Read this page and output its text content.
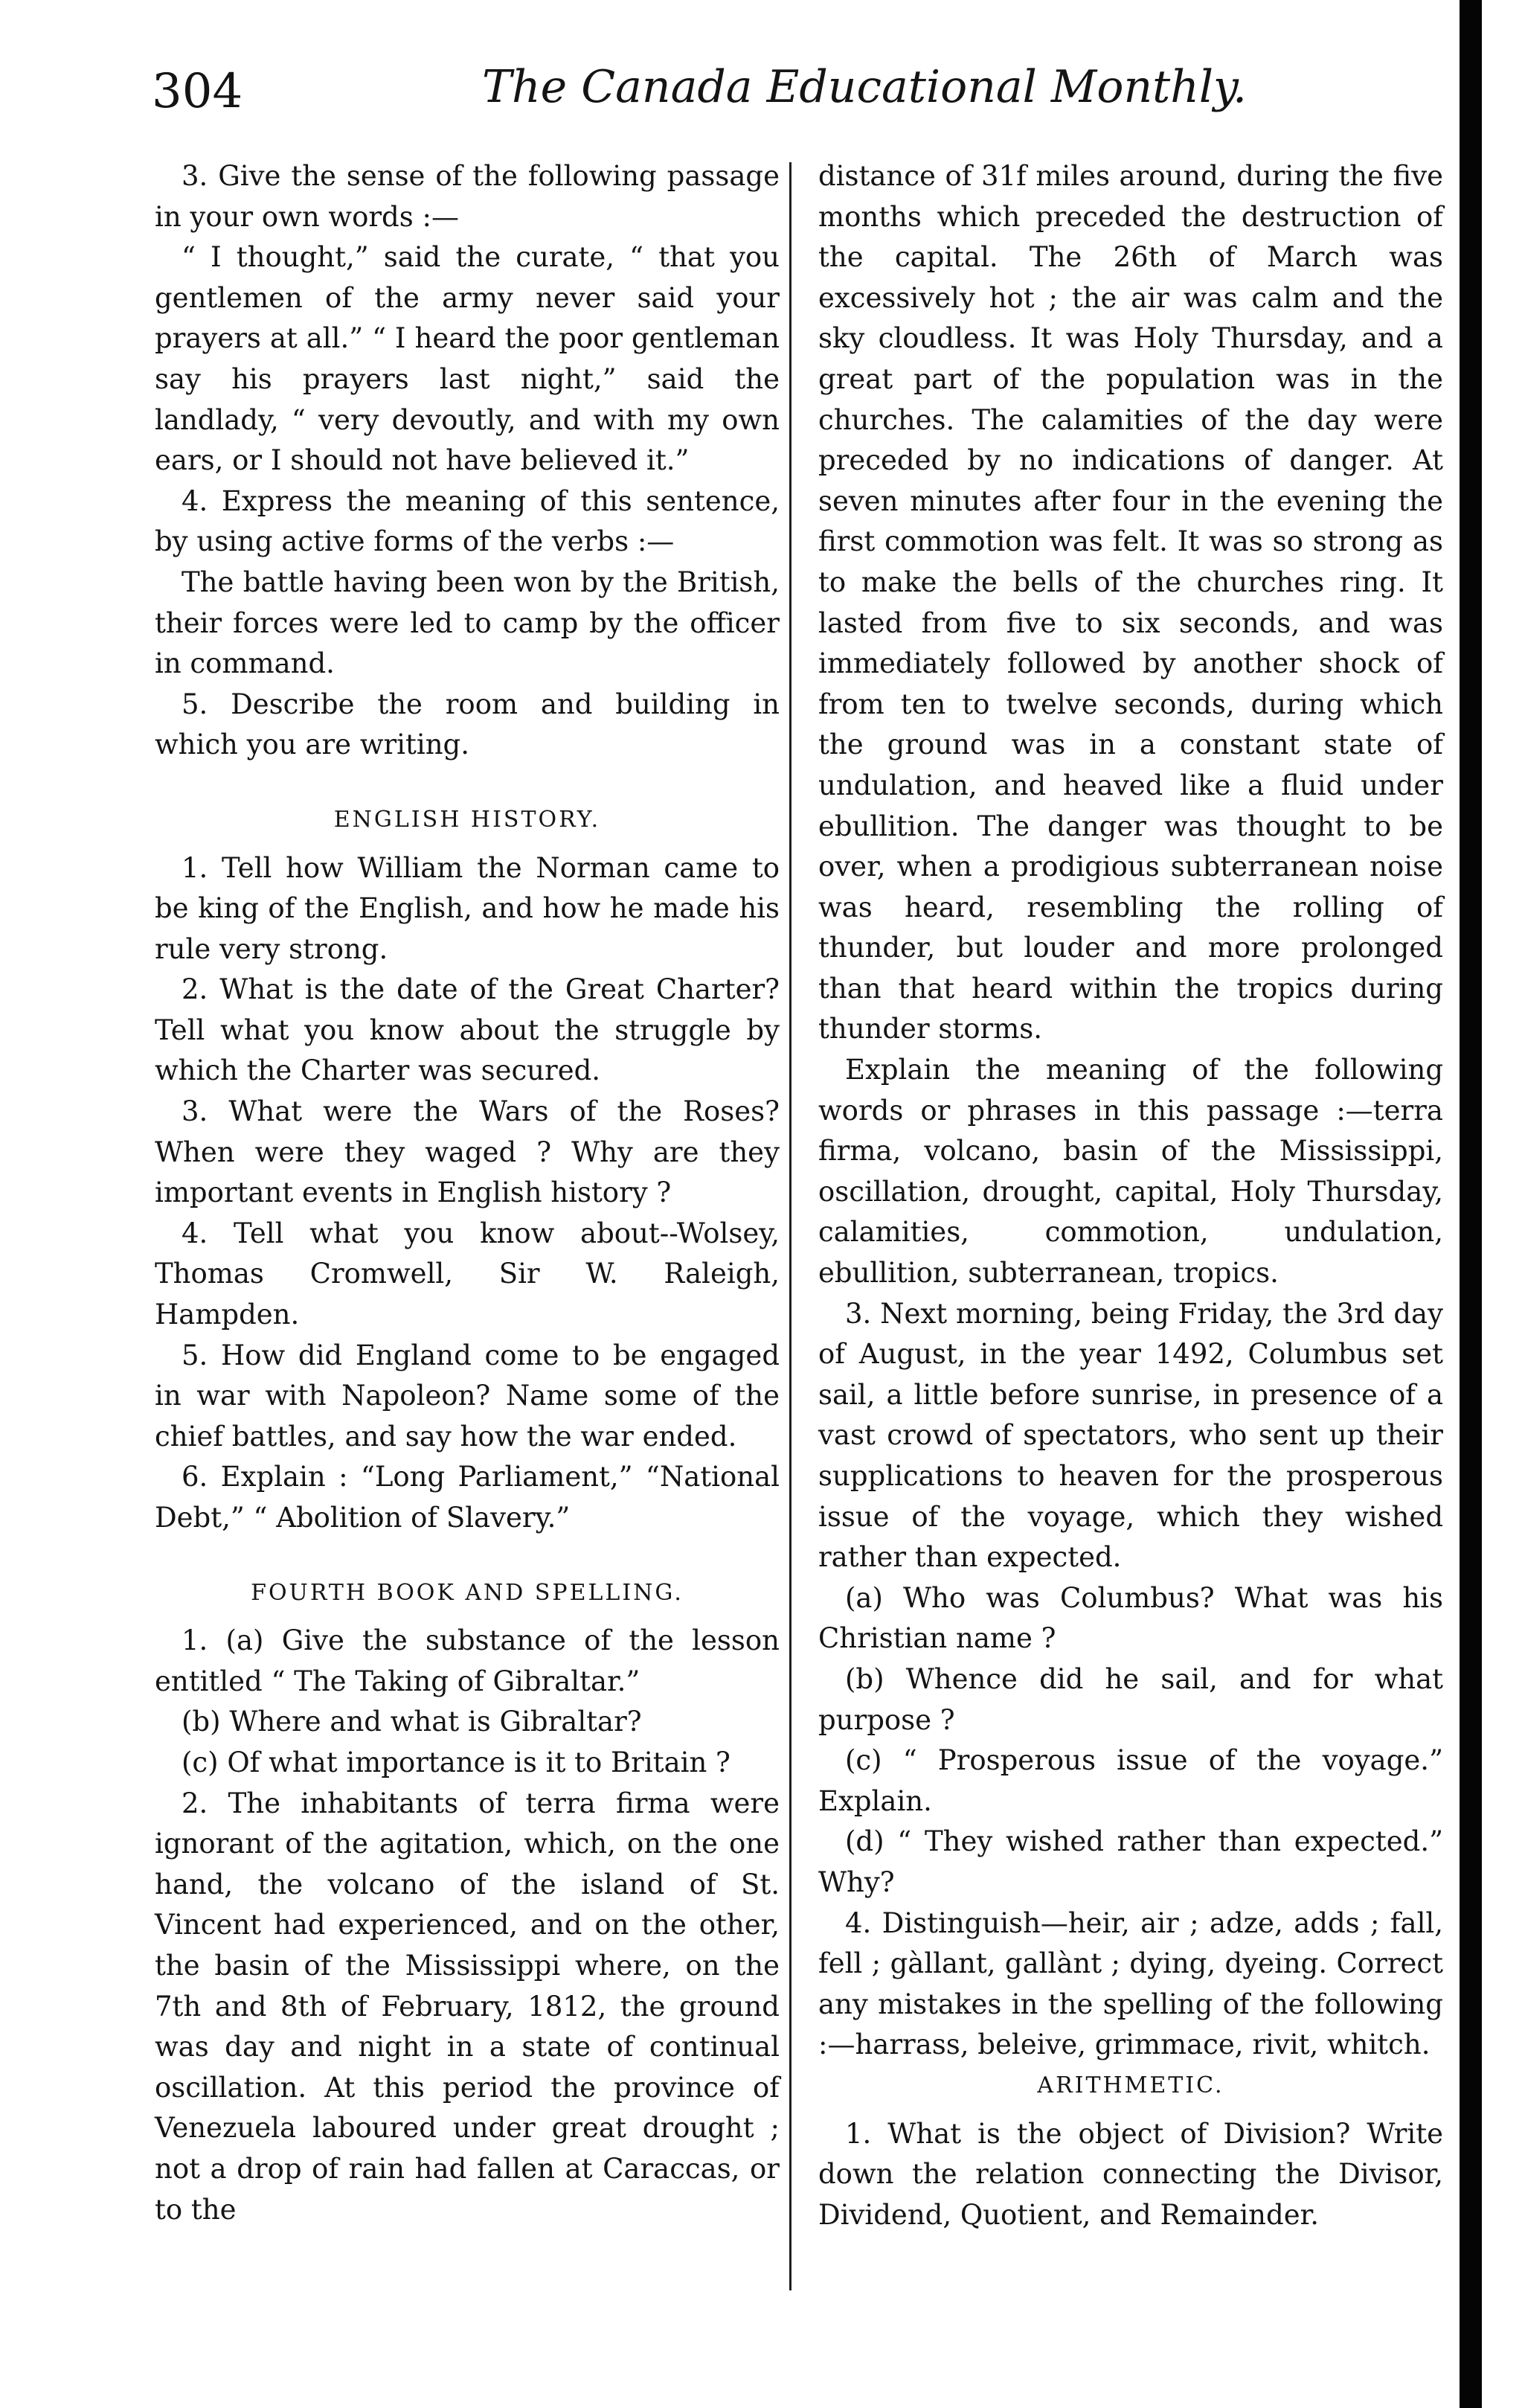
304	The Canada Educational Monthly.

3. Give the sense of the following passage in your own words :—

“ I thought,” said the curate, “ that you gentlemen of the army never said your prayers at all.” “ I heard the poor gentleman say his prayers last night,” said the landlady, “ very devoutly, and with my own ears, or I should not have believed it.”

4. Express the meaning of this sentence, by using active forms of the verbs :—

The battle having been won by the British, their forces were led to camp by the officer in command.

5. Describe the room and building in which you are writing.

ENGLISH HISTORY.

1. Tell how William the Norman came to be king of the English, and how he made his rule very strong.

2. What is the date of the Great Charter? Tell what you know about the struggle by which the Charter was secured.

3. What were the Wars of the Roses? When were they waged ? Why are they important events in English history ?

4. Tell what you know about--Wolsey, Thomas Cromwell, Sir W. Raleigh, Hampden.

5. How did England come to be engaged in war with Napoleon? Name some of the chief battles, and say how the war ended.

6. Explain : “Long Parliament,” “National Debt,” “ Abolition of Slavery.”

FOURTH BOOK AND SPELLING.

1. (a) Give the substance of the lesson entitled “ The Taking of Gibraltar.”

(b) Where and what is Gibraltar?

(c) Of what importance is it to Britain ?

2. The inhabitants of terra firma were ignorant of the agitation, which, on the one hand, the volcano of the island of St. Vincent had experienced, and on the other, the basin of the Mississippi where, on the 7th and 8th of February, 1812, the ground was day and night in a state of continual oscillation. At this period the province of Venezuela laboured under great drought ; not a drop of rain had fallen at Caraccas, or to the

distance of 31f miles around, during the five months which preceded the destruction of the capital. The 26th of March was excessively hot ; the air was calm and the sky cloudless. It was Holy Thursday, and a great part of the population was in the churches. The calamities of the day were preceded by no indications of danger. At seven minutes after four in the evening the first commotion was felt. It was so strong as to make the bells of the churches ring. It lasted from five to six seconds, and was immediately followed by another shock of from ten to twelve seconds, during which the ground was in a constant state of undulation, and heaved like a fluid under ebullition. The danger was thought to be over, when a prodigious subterranean noise was heard, resembling the rolling of thunder, but louder and more prolonged than that heard within the tropics during thunder storms.

Explain the meaning of the following words or phrases in this passage :—terra firma, volcano, basin of the Mississippi, oscillation, drought, capital, Holy Thursday, calamities, commotion, undulation, ebullition, subterranean, tropics.

3. Next morning, being Friday, the 3rd day of August, in the year 1492, Columbus set sail, a little before sunrise, in presence of a vast crowd of spectators, who sent up their supplications to heaven for the prosperous issue of the voyage, which they wished rather than expected.

(a) Who was Columbus? What was his Christian name ?

(b) Whence did he sail, and for what purpose ?

(c) “ Prosperous issue of the voyage.” Explain.

(d) “ They wished rather than expected.” Why?

4. Distinguish—heir, air ; adze, adds ; fall, fell ; gàllant, gallànt ; dying, dyeing. Correct any mistakes in the spelling of the following :—harrass, beleive, grimmace, rivit, whitch.

ARITHMETIC.

1. What is the object of Division? Write down the relation connecting the Divisor, Dividend, Quotient, and Remainder.
